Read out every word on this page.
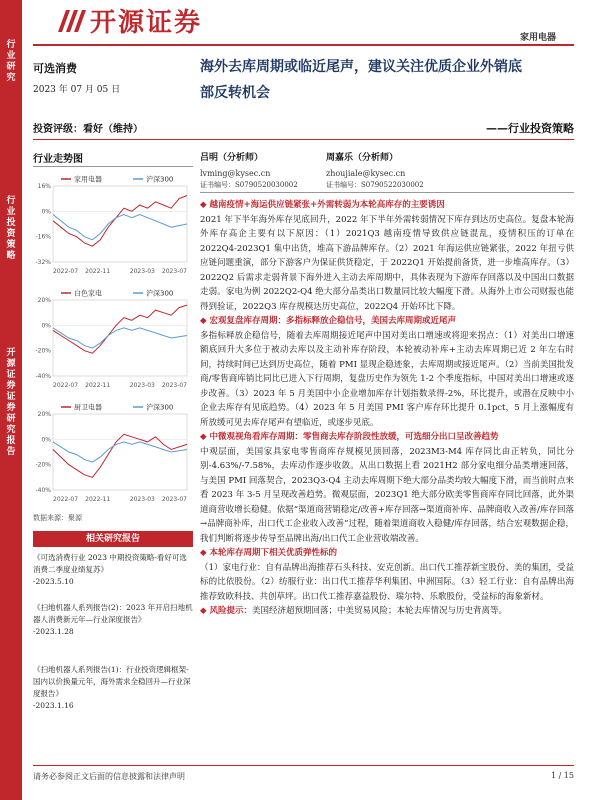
行业研究
行业投资策略
开源证券 证券研究报告
开源证券	家用电器
可选消费
2023 年 07 月 05 日
投资评级：看好（维持）
海外去库周期或临近尾声，建议关注优质企业外销底
部反转机会
——行业投资策略
行业走势图	吕明（分析师）
lvming@kysec.cn
证书编号：S0790520030002
周嘉乐（分析师）
zhoujiale@kysec.cn
证书编号：S0790522030002
16%
0%
-16%
-32%
2022-07 2022-11	2023-03 2023-07
家用电器	沪深300
20%
0%
-20%
-40%
2022-07 2022-11	2023-03 2023-07
白色家电	沪深300
20%
0%
-20%
-40%
2022-07 2022-11	2023-03 2023-07
厨卫电器	沪深300
数据来源：聚源
相关研究报告
《可选消费行业 2023 中期投资策略-看好可选消费二季度业绩复苏》
-2023.5.10
《扫地机器人系列报告(2)：2023 年开启扫地机器人消费新元年—行业深度报告》
-2023.1.28
《扫地机器人系列报告(1)：行业投资逻辑框架-国内以价换量元年，海外需求全稳回升—行业深度报告》
-2023.1.16
◆ 越南疫情+海运供应链紧张+外需转弱为本轮高库存的主要诱因
2021 年下半年海外库存见底回升，2022 年下半年外需转弱情况下库存到达历史高位。复盘本轮海外库存高企主要有以下原因：（1）2021Q3 越南疫情导致供应链混乱，疫情积压的订单在 2022Q4-2023Q1 集中出货，堆高下游品牌库存。（2）2021 年海运供应链紧张，2022 年扭亏供应链问题重演，部分下游客户为保证供货稳定，于 2022Q1 开始提前备货，进一步堆高库存。（3）2022Q2 后需求走弱背景下海外进入主动去库周期中，具体表现为下游库存回落以及中国出口数据走弱。家电为例 2022Q2-Q4 绝大部分品类出口数量同比较大幅度下滑。从海外上市公司财报也能得到验证，2022Q3 库存规模达历史高位，2022Q4 开始环比下降。
◆ 宏观复盘库存周期：多指标释放企稳信号，美国去库周期或近尾声
多指标释放企稳信号，随着去库周期接近尾声中国对美出口增速或将迎来拐点：（1）对美出口增速额底回升大多位于被动去库以及主动补库存阶段，本轮被动补库+主动去库周期已近 2 年左右时间，持续时间已达到历史高位，随着 PMI 显现企稳迹象，去库周期或接近尾声。（2）当前美国批发商/零售商库销比同比已进入下行周期，复盘历史作为领先 1-2 个季度指标，中国对美出口增速或逐步改善。（3）2023 年 5 月美国中小企业增加库存计划指数录得-2%，环比提升，或潜在反映中小企业去库存有见底趋势。（4）2023 年 5 月美国 PMI 客户库存环比提升 0.1pct，5 月上涨幅度有所放缓可见去库存尾声有望临近，或逐步见底。
◆ 中微观视角看库存周期：零售商去库存阶段性放缓，可选细分出口呈改善趋势
中观层面，美国家具家电零售商库存规模见顶回落，2023M3-M4 库存同比由正转负，同比分别-4.63%/-7.58%，去库动作逐步收敛。从出口数据上看 2021H2 部分家电细分品类增速回落，与美国 PMI 回落契合，2023Q3-Q4 主动去库周期下绝大部分品类均较大幅度下滑，而当前时点来看 2023 年 3-5 月呈现改善趋势。微观层面，2023Q1 绝大部分欧美零售商库存同比回落，此外渠道商营收增长稳健。依据“渠道商营销稳定/改善+库存回落→渠道商补库、品牌商收入改善/库存回落→品牌商补库，出口代工企业收入改善”过程，随着渠道商收入稳健/库存回落，结合宏观数据企稳，我们判断将逐步传导至品牌出海/出口代工企业营收端改善。
◆ 本轮库存周期下相关优质弹性标的
（1）家电行业：自有品牌出海推荐石头科技、安克创新。出口代工推荐新宝股份、美的集团，受益标的比依股份。（2）纺服行业：出口代工推荐华利集团、申洲国际。（3）轻工行业：自有品牌出海推荐致欧科技、共创草坪。出口代工推荐嘉益股份、瑞尔特、乐歌股份，受益标的海象新材。
◆ 风险提示：美国经济超预期回落；中美贸易风险；本轮去库情况与历史背离等。
请务必参阅正文后面的信息披露和法律声明	1 / 15
